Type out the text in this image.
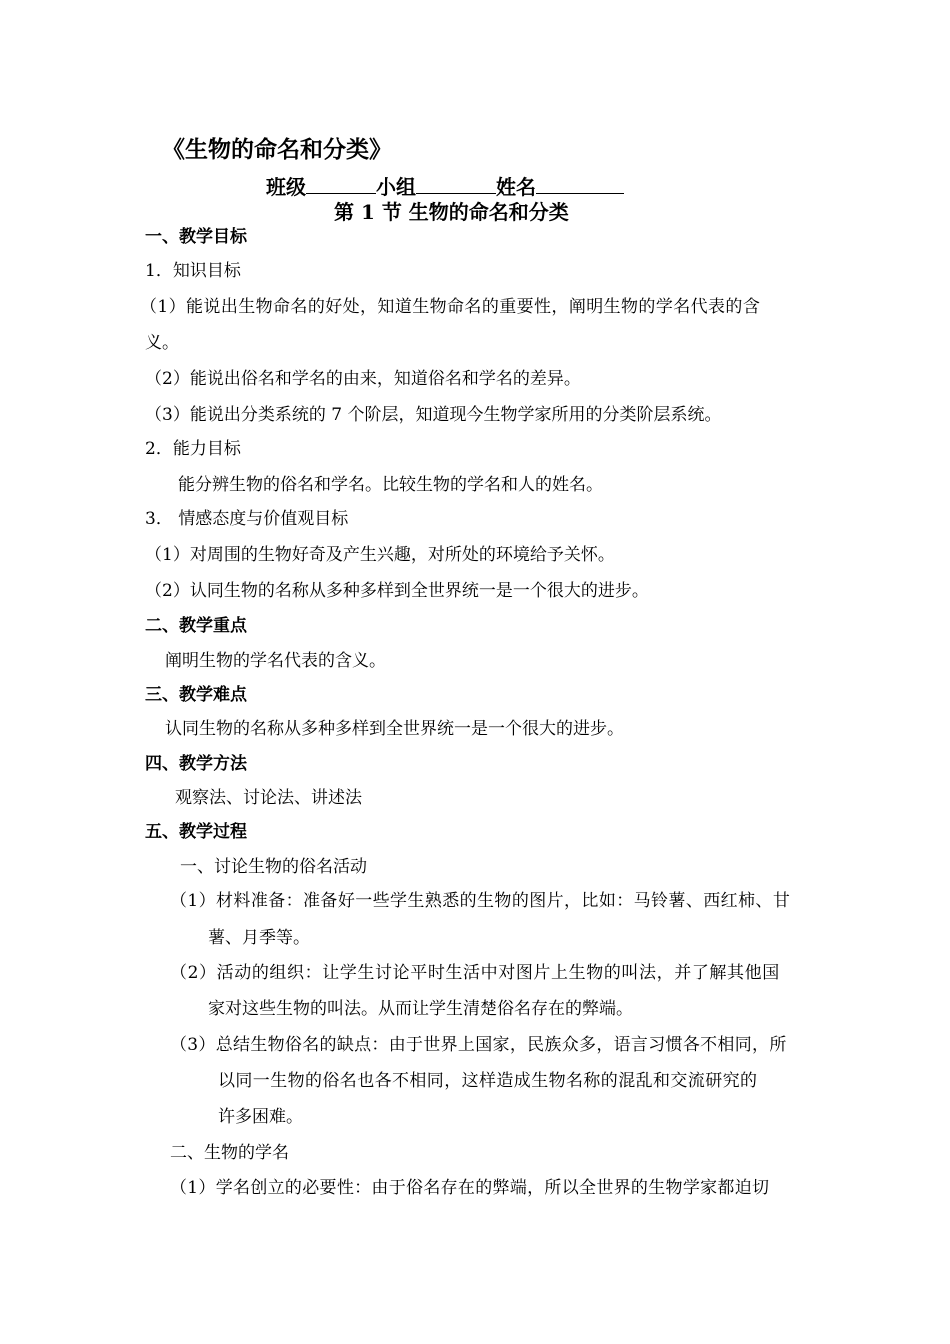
《生物的命名和分类》
班级	小组	姓名
第 1 节 生物的命名和分类
一、教学目标
1．知识目标
（1）能说出生物命名的好处，知道生物命名的重要性，阐明生物的学名代表的含
义。
（2）能说出俗名和学名的由来，知道俗名和学名的差异。
（3）能说出分类系统的 7 个阶层，知道现今生物学家所用的分类阶层系统。
2．能力目标
能分辨生物的俗名和学名。比较生物的学名和人的姓名。
3． 情感态度与价值观目标
（1）对周围的生物好奇及产生兴趣，对所处的环境给予关怀。
（2）认同生物的名称从多种多样到全世界统一是一个很大的进步。
二、教学重点
阐明生物的学名代表的含义。
三、教学难点
认同生物的名称从多种多样到全世界统一是一个很大的进步。
四、教学方法
观察法、讨论法、讲述法
五、教学过程
一、讨论生物的俗名活动
（1）材料准备：准备好一些学生熟悉的生物的图片，比如：马铃薯、西红柿、甘
薯、月季等。
（2）活动的组织：让学生讨论平时生活中对图片上生物的叫法，并了解其他国
家对这些生物的叫法。从而让学生清楚俗名存在的弊端。
（3）总结生物俗名的缺点：由于世界上国家，民族众多，语言习惯各不相同，所
以同一生物的俗名也各不相同，这样造成生物名称的混乱和交流研究的
许多困难。
二、生物的学名
（1）学名创立的必要性：由于俗名存在的弊端，所以全世界的生物学家都迫切
